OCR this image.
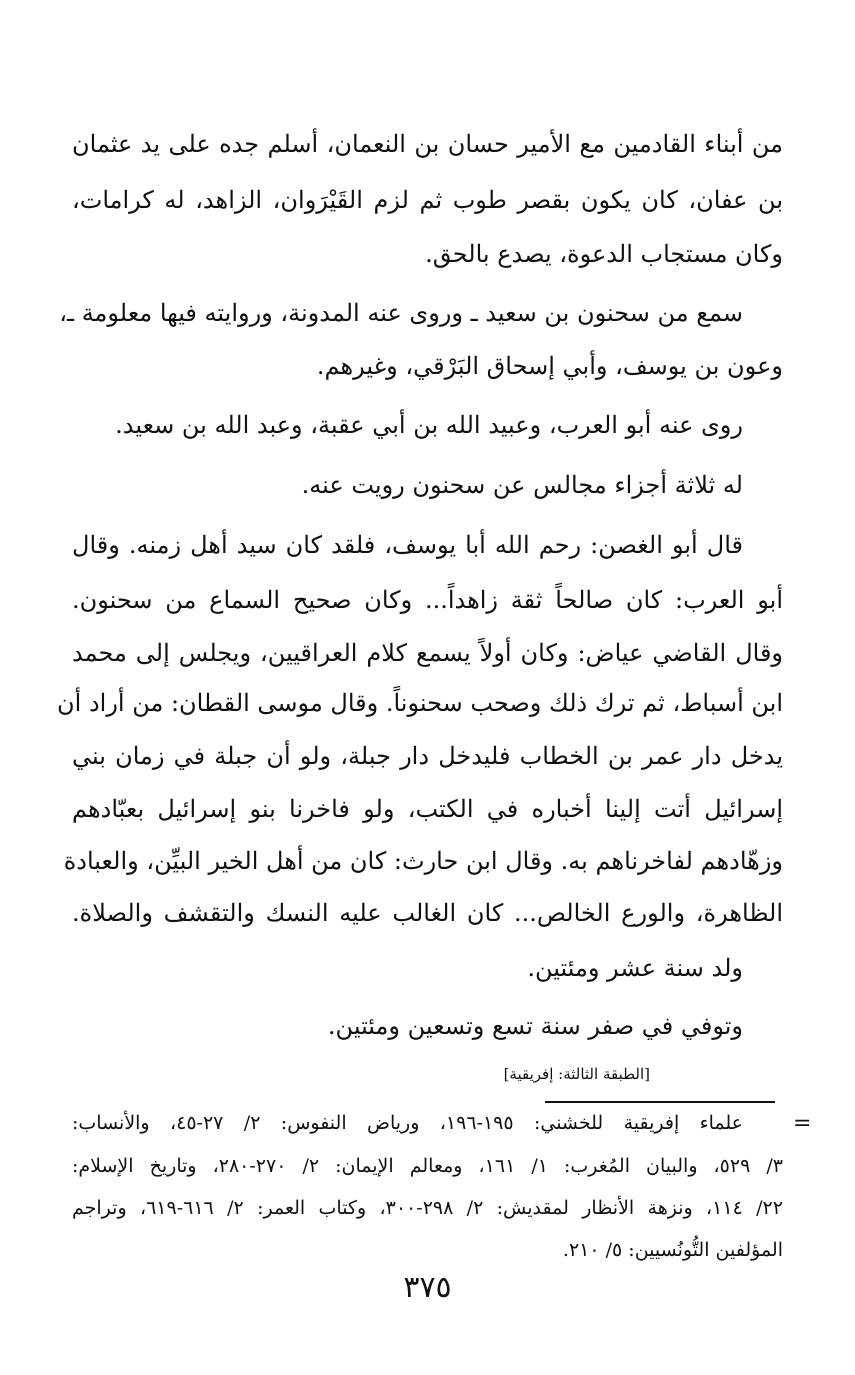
من أبناء القادمين مع الأمير حسان بن النعمان، أسلم جده على يد عثمان
بن عفان، كان يكون بقصر طوب ثم لزم القَيْرَوان، الزاهد، له كرامات،
وكان مستجاب الدعوة، يصدع بالحق.
سمع من سحنون بن سعيد ـ وروى عنه المدونة، وروايته فيها معلومة ـ،
وعون بن يوسف، وأبي إسحاق البَرْقي، وغيرهم.
روى عنه أبو العرب، وعبيد الله بن أبي عقبة، وعبد الله بن سعيد.
له ثلاثة أجزاء مجالس عن سحنون رويت عنه.
قال أبو الغصن: رحم الله أبا يوسف، فلقد كان سيد أهل زمنه. وقال
أبو العرب: كان صالحاً ثقة زاهداً... وكان صحيح السماع من سحنون.
وقال القاضي عياض: وكان أولاً يسمع كلام العراقيين، ويجلس إلى محمد
ابن أسباط، ثم ترك ذلك وصحب سحنوناً. وقال موسى القطان: من أراد أن
يدخل دار عمر بن الخطاب فليدخل دار جبلة، ولو أن جبلة في زمان بني
إسرائيل أتت إلينا أخباره في الكتب، ولو فاخرنا بنو إسرائيل بعبّادهم
وزهّادهم لفاخرناهم به. وقال ابن حارث: كان من أهل الخير البيِّن، والعبادة
الظاهرة، والورع الخالص... كان الغالب عليه النسك والتقشف والصلاة.
ولد سنة عشر ومئتين.
وتوفي في صفر سنة تسع وتسعين ومئتين.
[الطبقة الثالثة: إفريقية]
=
علماء إفريقية للخشني: ١٩٥-١٩٦، ورياض النفوس: ٢/ ٢٧-٤٥، والأنساب:
٣/ ٥٢٩، والبيان المُغرب: ١/ ١٦١، ومعالم الإيمان: ٢/ ٢٧٠-٢٨٠، وتاريخ الإسلام:
٢٢/ ١١٤، ونزهة الأنظار لمقديش: ٢/ ٢٩٨-٣٠٠، وكتاب العمر: ٢/ ٦١٦-٦١٩، وتراجم
المؤلفين التُّونُسيين: ٥/ ٢١٠.
٣٧٥
